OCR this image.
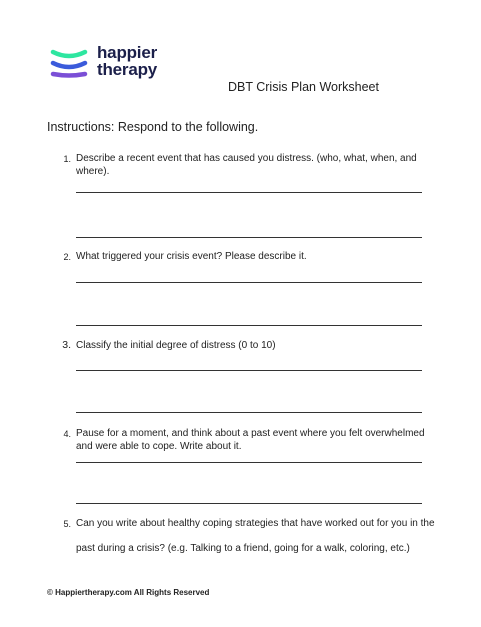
happier
therapy
DBT Crisis Plan Worksheet
Instructions: Respond to the following.
1. Describe a recent event that has caused you distress. (who, what, when, and where).
2. What triggered your crisis event? Please describe it.
3. Classify the initial degree of distress (0 to 10)
4. Pause for a moment, and think about a past event where you felt overwhelmed and were able to cope. Write about it.
5. Can you write about healthy coping strategies that have worked out for you in the past during a crisis? (e.g. Talking to a friend, going for a walk, coloring, etc.)
© Happiertherapy.com All Rights Reserved
